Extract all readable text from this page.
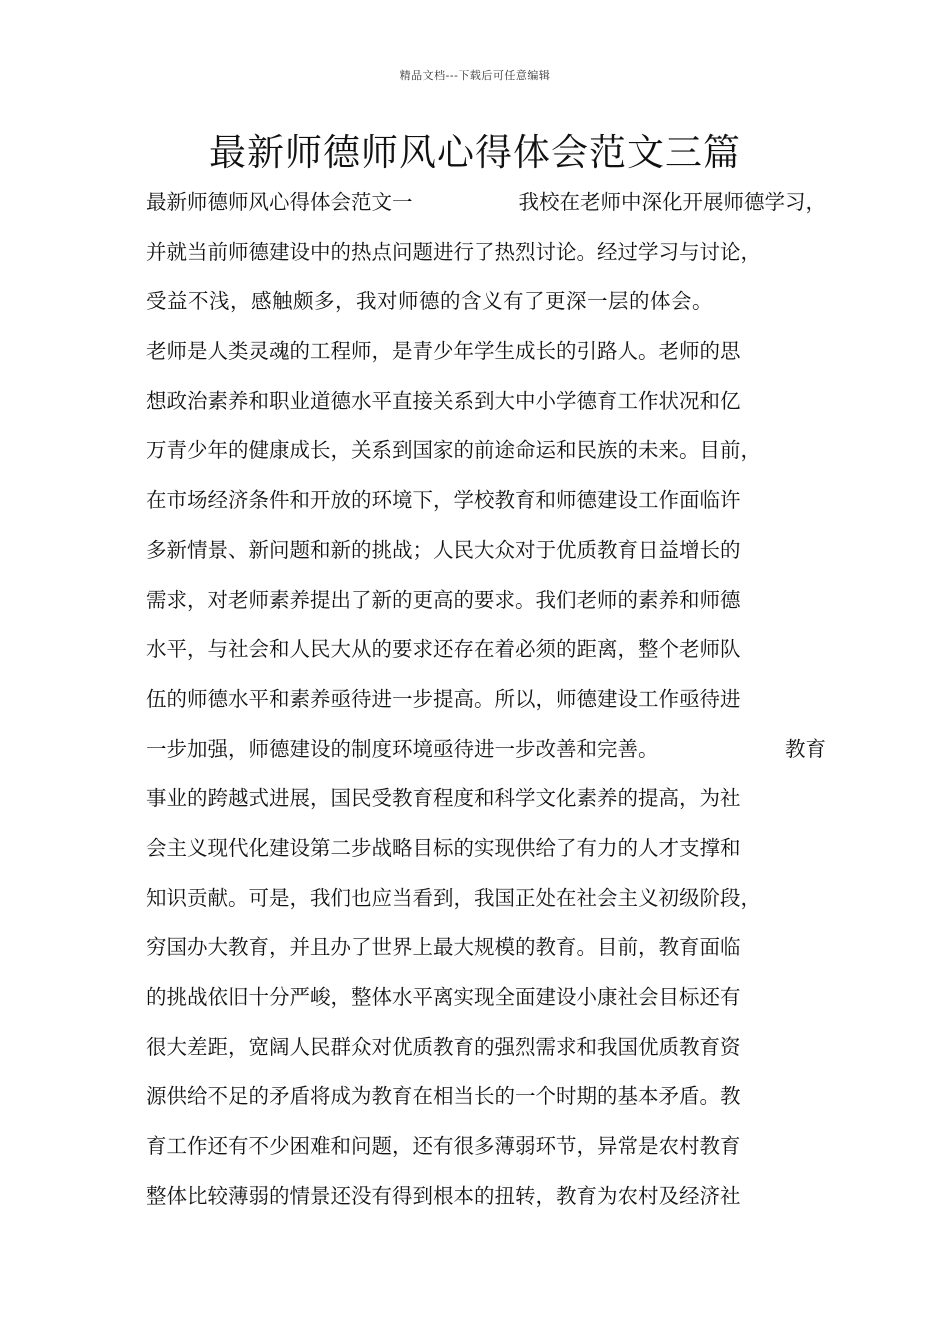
精品文档---下载后可任意编辑
最新师德师风心得体会范文三篇
最新师德师风心得体会范文一	我校在老师中深化开展师德学习，
并就当前师德建设中的热点问题进行了热烈讨论。经过学习与讨论，
受益不浅，感触颇多，我对师德的含义有了更深一层的体会。
老师是人类灵魂的工程师，是青少年学生成长的引路人。老师的思
想政治素养和职业道德水平直接关系到大中小学德育工作状况和亿
万青少年的健康成长，关系到国家的前途命运和民族的未来。目前，
在市场经济条件和开放的环境下，学校教育和师德建设工作面临许
多新情景、新问题和新的挑战；人民大众对于优质教育日益增长的
需求，对老师素养提出了新的更高的要求。我们老师的素养和师德
水平，与社会和人民大从的要求还存在着必须的距离，整个老师队
伍的师德水平和素养亟待进一步提高。所以，师德建设工作亟待进
一步加强，师德建设的制度环境亟待进一步改善和完善。	教育
事业的跨越式进展，国民受教育程度和科学文化素养的提高，为社
会主义现代化建设第二步战略目标的实现供给了有力的人才支撑和
知识贡献。可是，我们也应当看到，我国正处在社会主义初级阶段，
穷国办大教育，并且办了世界上最大规模的教育。目前，教育面临
的挑战依旧十分严峻，整体水平离实现全面建设小康社会目标还有
很大差距，宽阔人民群众对优质教育的强烈需求和我国优质教育资
源供给不足的矛盾将成为教育在相当长的一个时期的基本矛盾。教
育工作还有不少困难和问题，还有很多薄弱环节，异常是农村教育
整体比较薄弱的情景还没有得到根本的扭转，教育为农村及经济社
